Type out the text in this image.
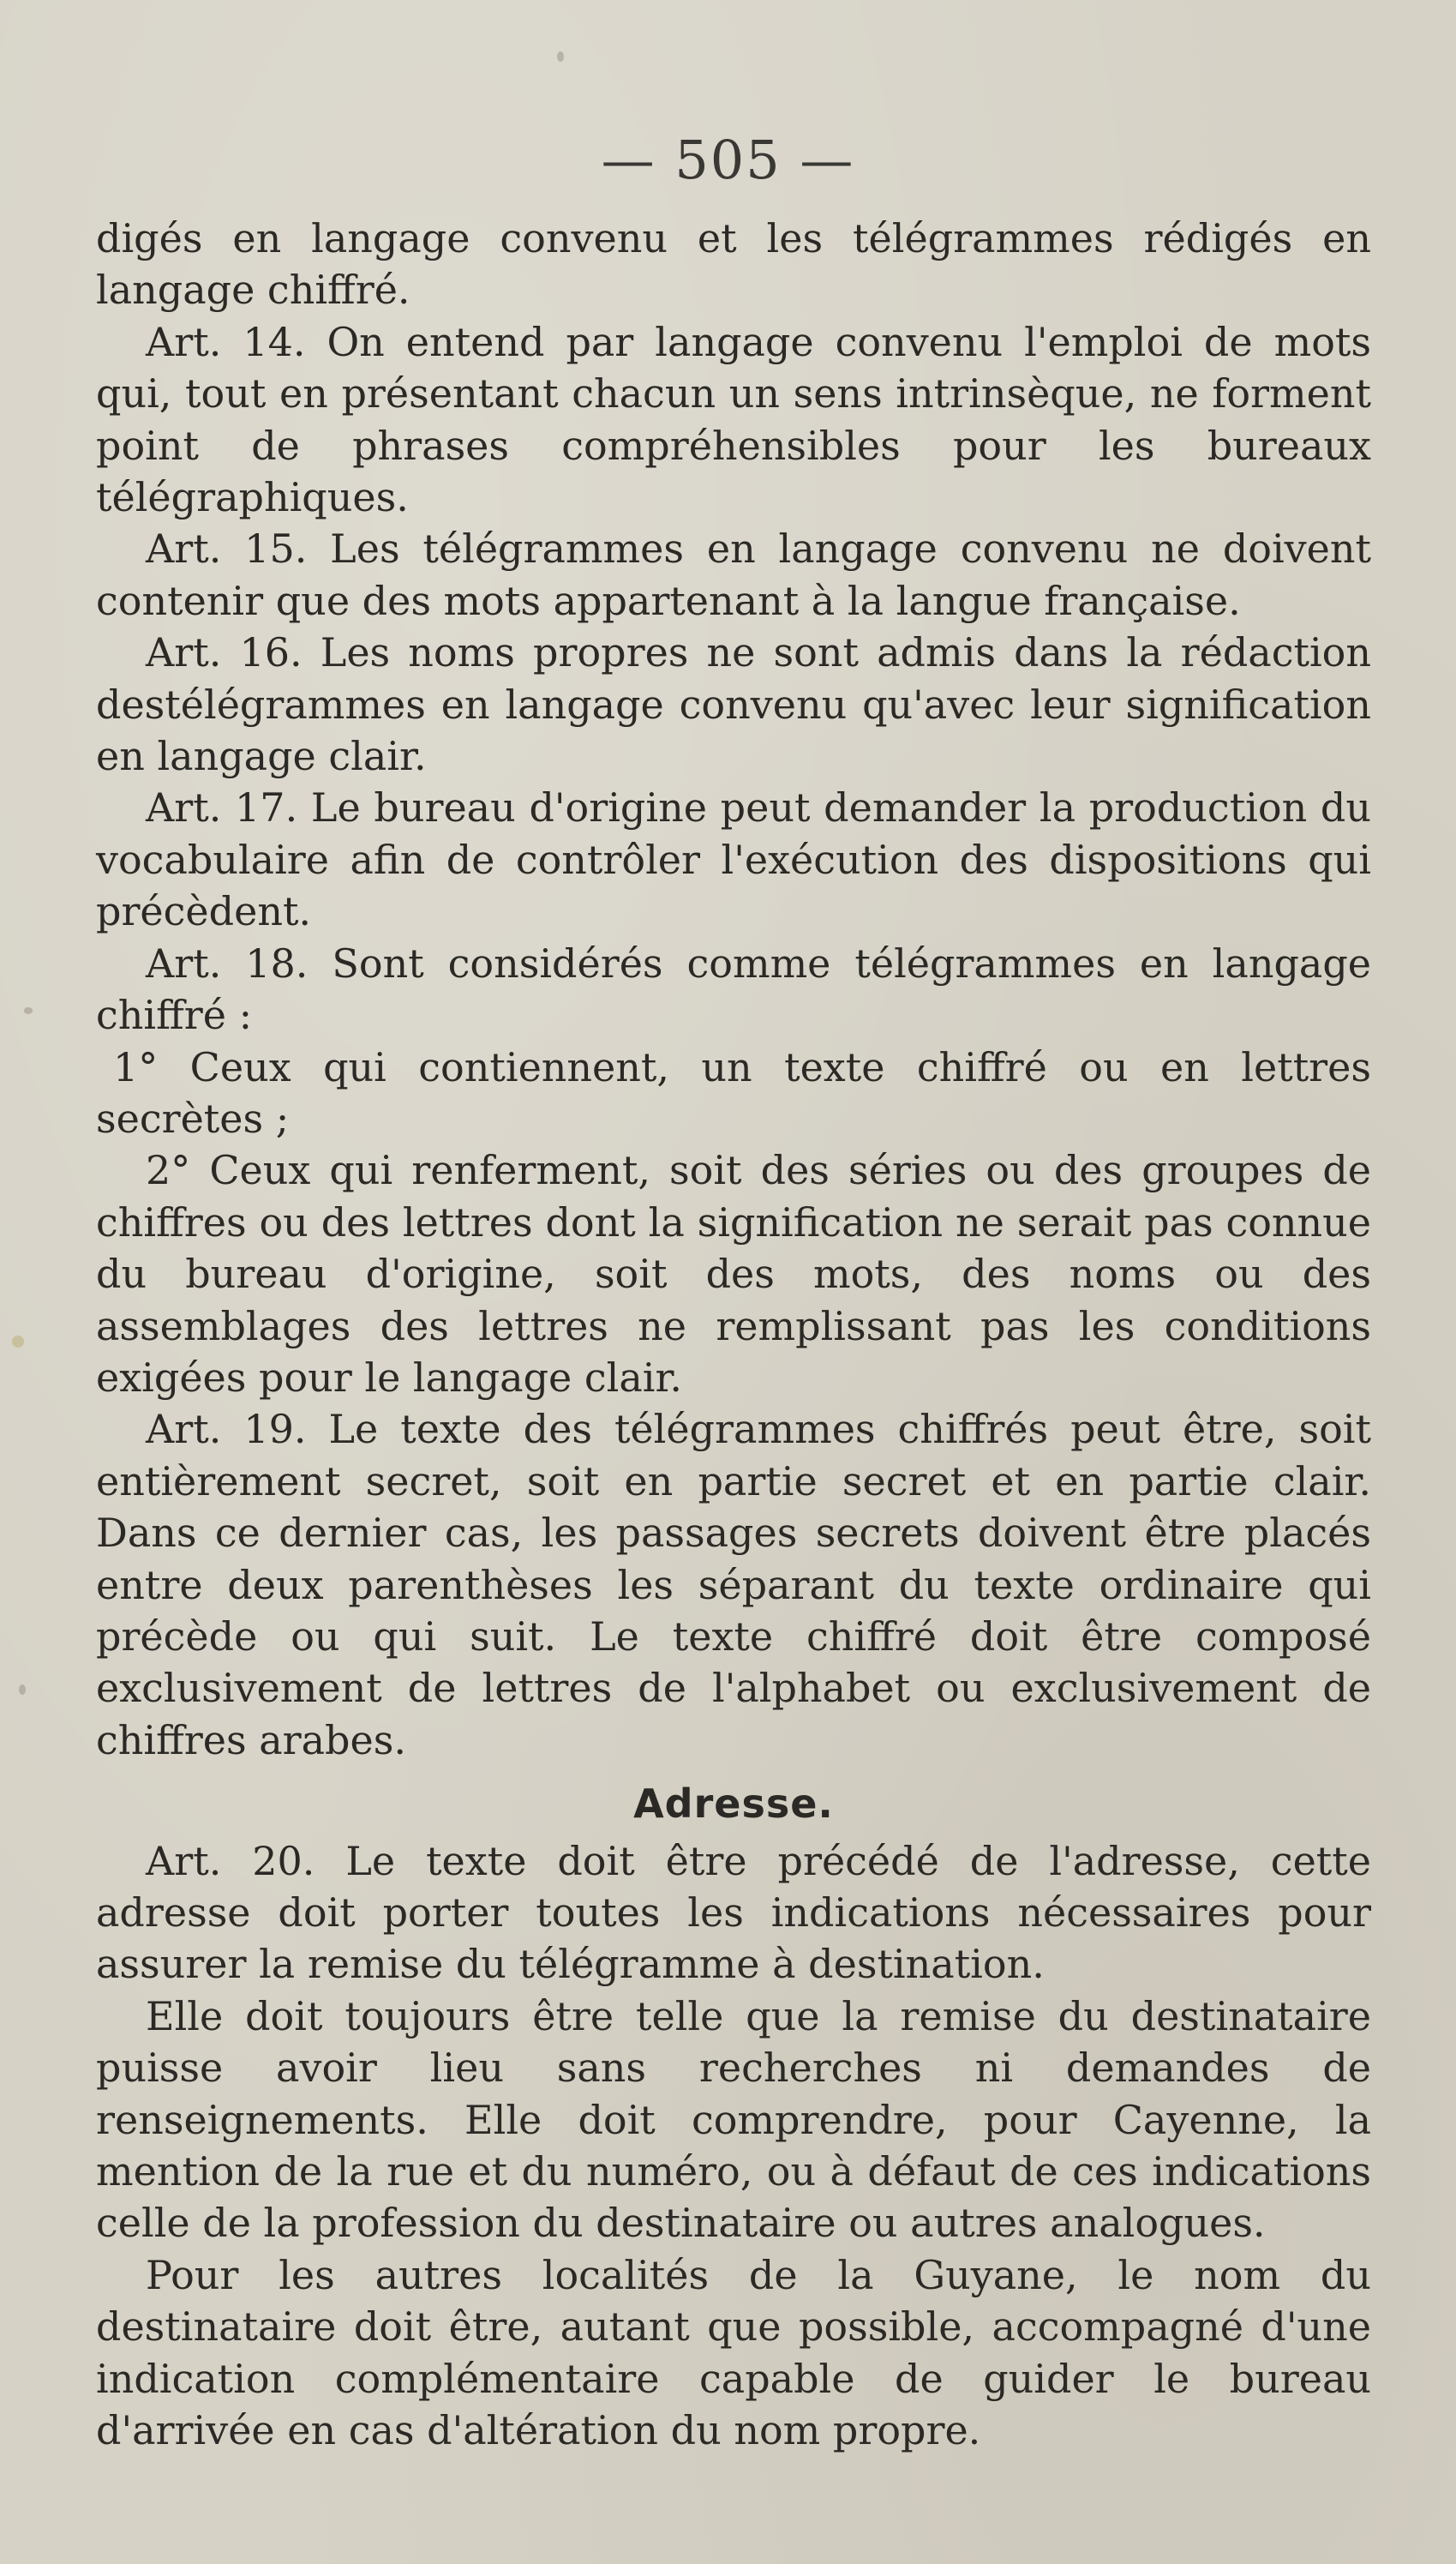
— 505 —

digés en langage convenu et les télégrammes rédigés en langage chiffré.

Art. 14. On entend par langage convenu l'emploi de mots qui, tout en présentant chacun un sens intrinsèque, ne forment point de phrases compréhensibles pour les bureaux télégraphiques.

Art. 15. Les télégrammes en langage convenu ne doivent contenir que des mots appartenant à la langue française.

Art. 16. Les noms propres ne sont admis dans la rédaction destélégrammes en langage convenu qu'avec leur signification en langage clair.

Art. 17. Le bureau d'origine peut demander la production du vocabulaire afin de contrôler l'exécution des dispositions qui précèdent.

Art. 18. Sont considérés comme télégrammes en langage chiffré :

1° Ceux qui contiennent, un texte chiffré ou en lettres secrètes ;

2° Ceux qui renferment, soit des séries ou des groupes de chiffres ou des lettres dont la signification ne serait pas connue du bureau d'origine, soit des mots, des noms ou des assemblages des lettres ne remplissant pas les conditions exigées pour le langage clair.

Art. 19. Le texte des télégrammes chiffrés peut être, soit entièrement secret, soit en partie secret et en partie clair. Dans ce dernier cas, les passages secrets doivent être placés entre deux parenthèses les séparant du texte ordinaire qui précède ou qui suit. Le texte chiffré doit être composé exclusivement de lettres de l'alphabet ou exclusivement de chiffres arabes.

Adresse.

Art. 20. Le texte doit être précédé de l'adresse, cette adresse doit porter toutes les indications nécessaires pour assurer la remise du télégramme à destination.

Elle doit toujours être telle que la remise du destinataire puisse avoir lieu sans recherches ni demandes de renseignements. Elle doit comprendre, pour Cayenne, la mention de la rue et du numéro, ou à défaut de ces indications celle de la profession du destinataire ou autres analogues.

Pour les autres localités de la Guyane, le nom du destinataire doit être, autant que possible, accompagné d'une indication complémentaire capable de guider le bureau d'arrivée en cas d'altération du nom propre.
